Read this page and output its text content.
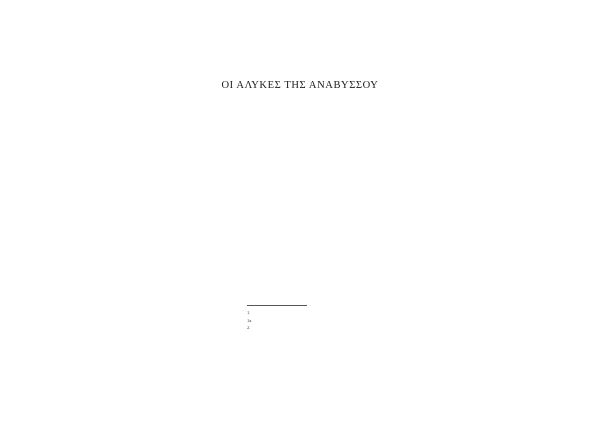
ΟΙ ΑΛΥΚΕΣ ΤΗΣ ΑΝΑΒΥΣΣΟΥ

1.
1a.
2.
